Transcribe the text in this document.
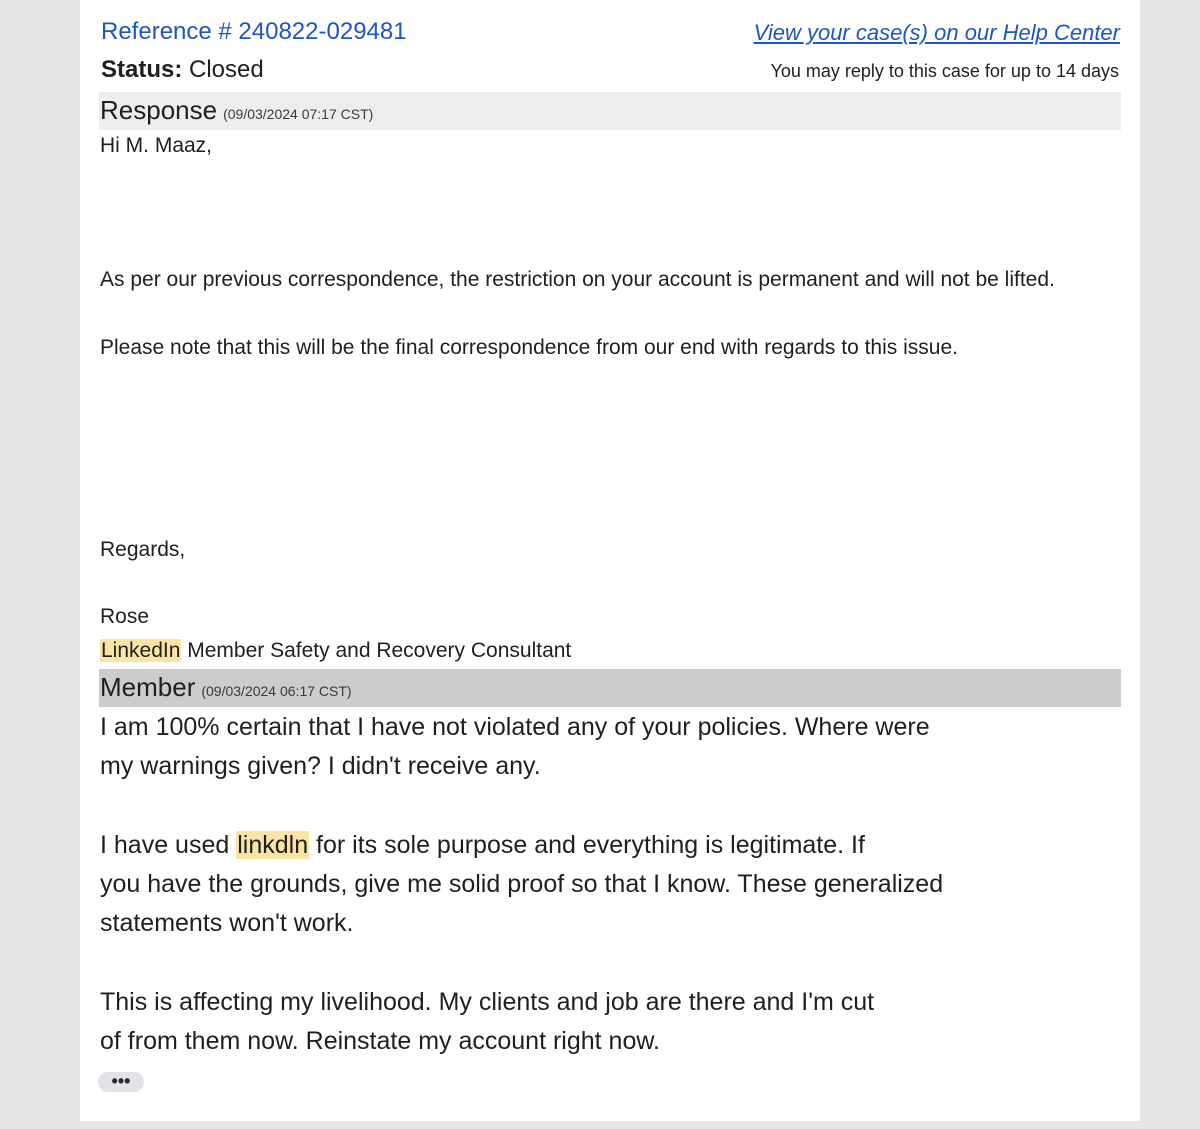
Reference # 240822-029481	View your case(s) on our Help Center
Status: Closed	You may reply to this case for up to 14 days
Response (09/03/2024 07:17 CST)
Hi M. Maaz,
As per our previous correspondence, the restriction on your account is permanent and will not be lifted.
Please note that this will be the final correspondence from our end with regards to this issue.
Regards,
Rose
LinkedIn Member Safety and Recovery Consultant
Member (09/03/2024 06:17 CST)
I am 100% certain that I have not violated any of your policies. Where were
my warnings given? I didn't receive any.
I have used linkdln for its sole purpose and everything is legitimate. If
you have the grounds, give me solid proof so that I know. These generalized
statements won't work.
This is affecting my livelihood. My clients and job are there and I'm cut
of from them now. Reinstate my account right now.
•••
